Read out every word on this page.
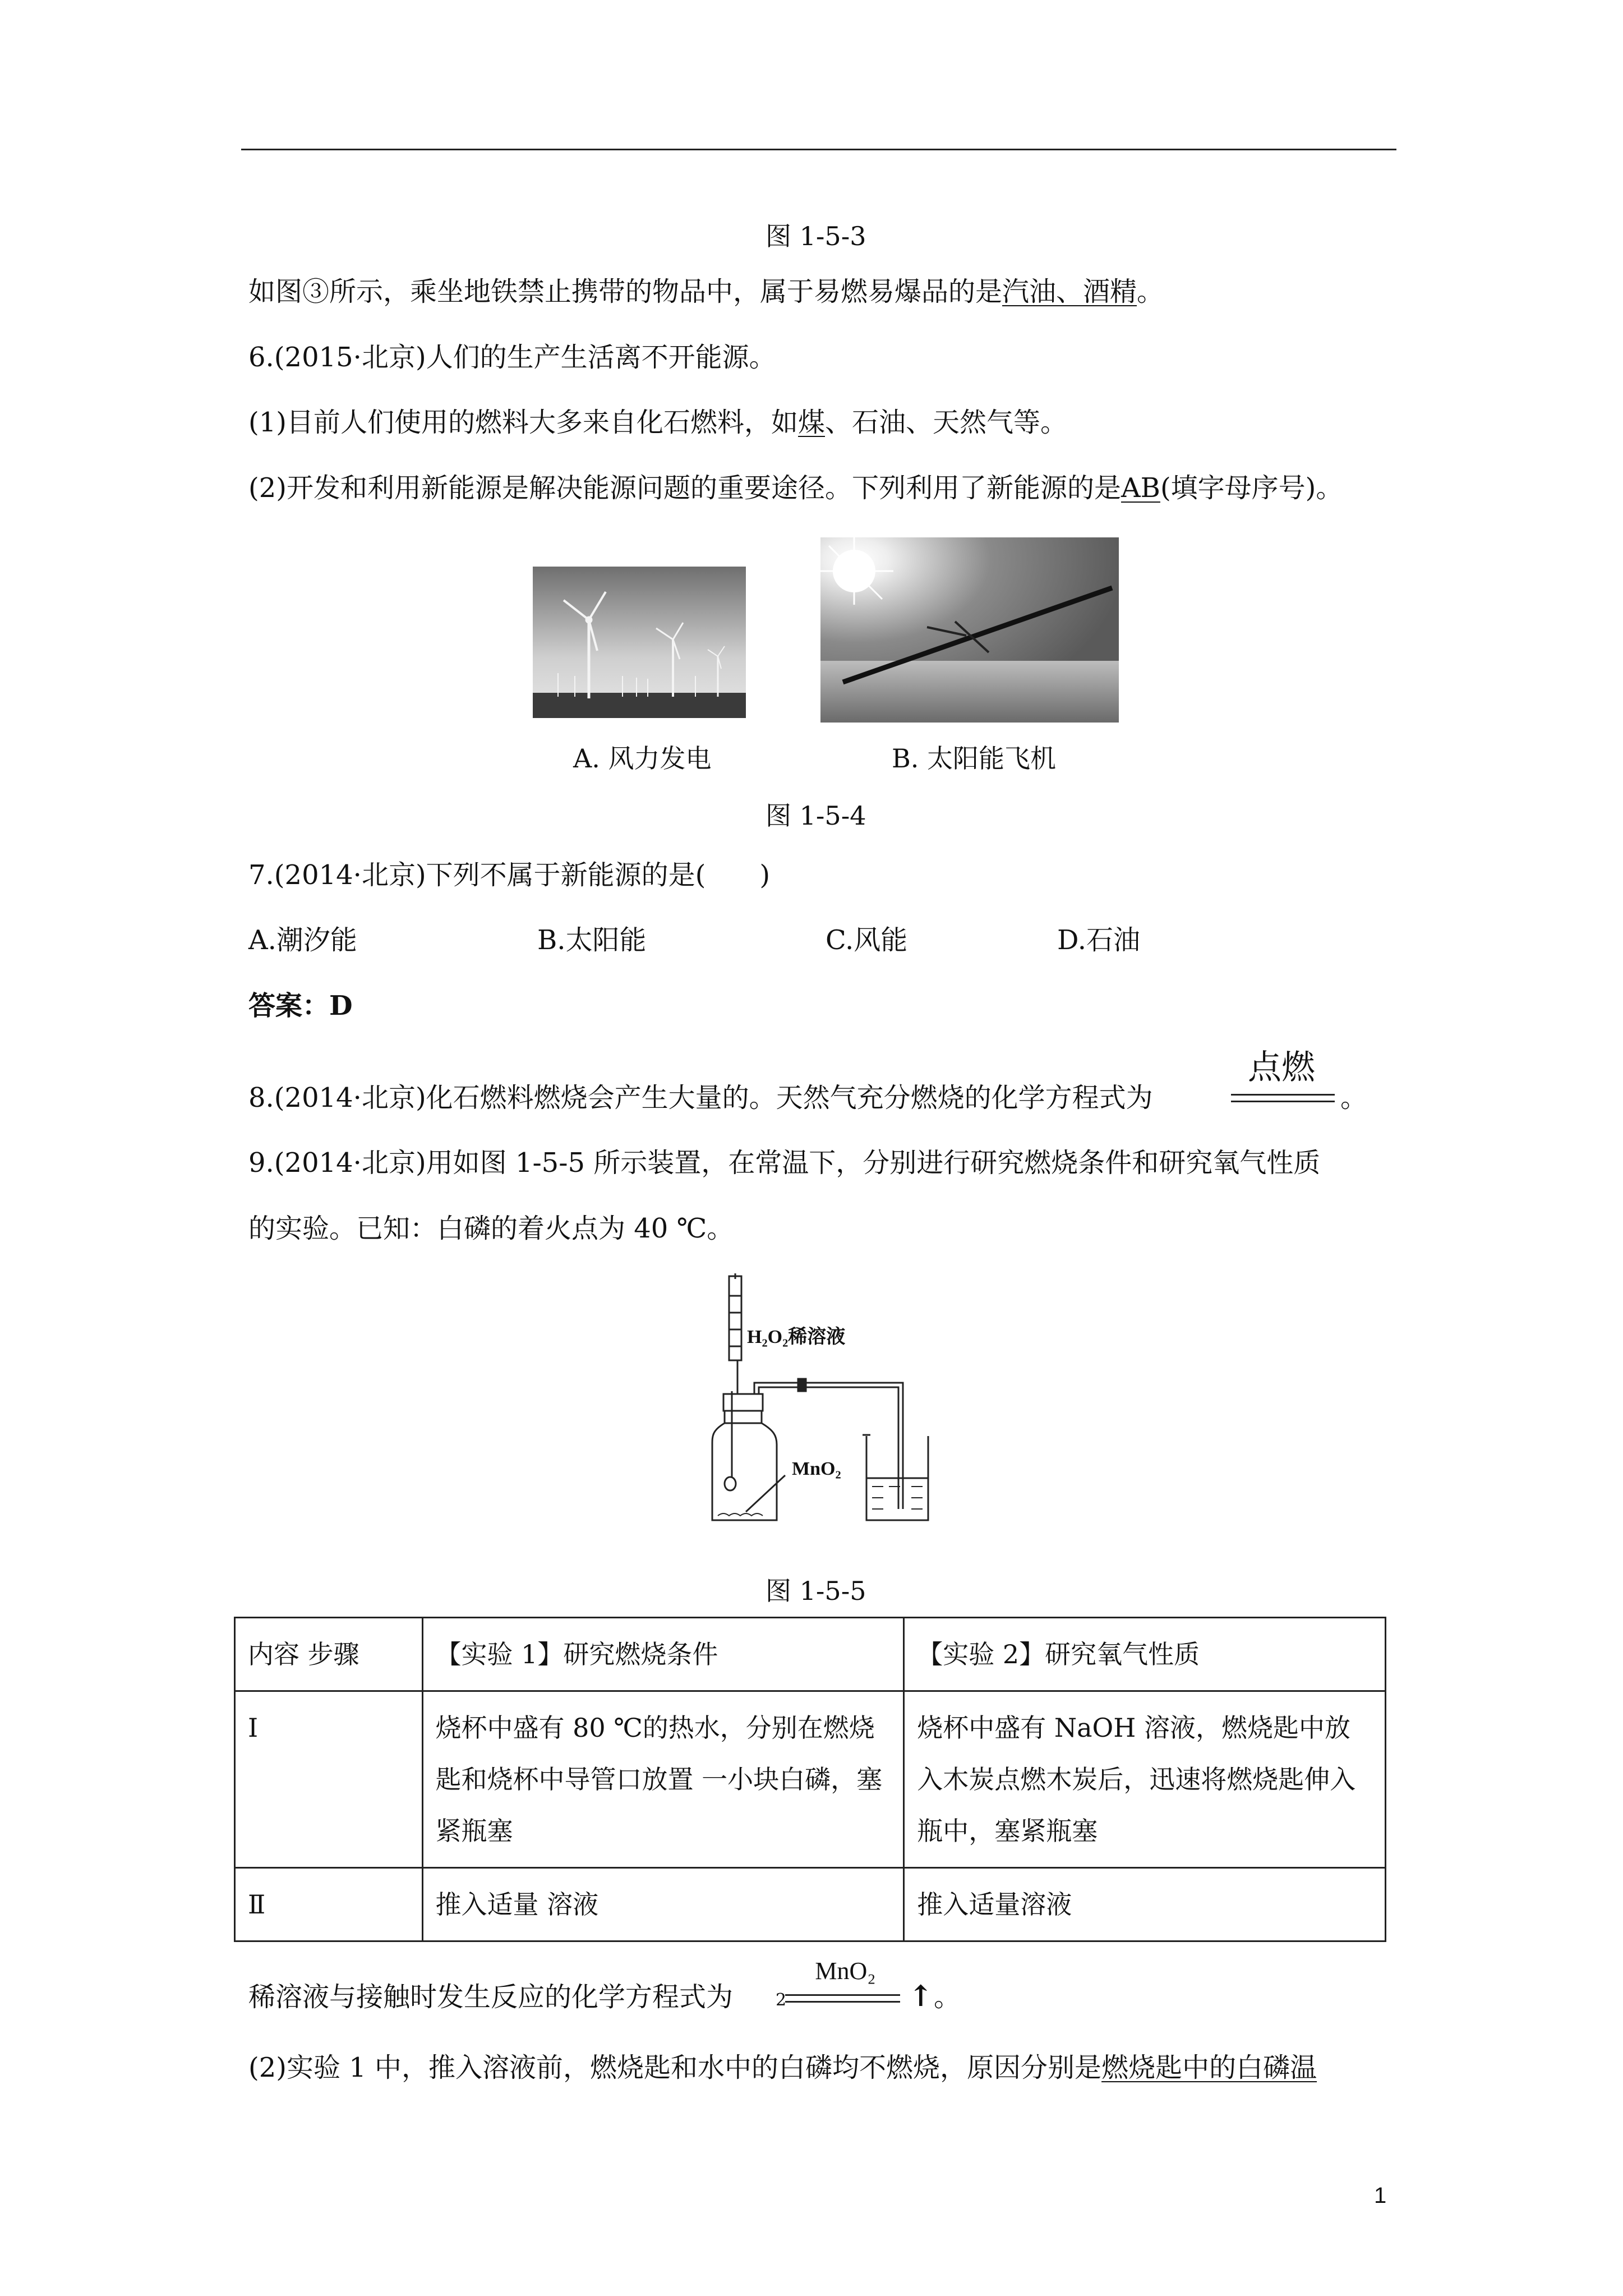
图 1-5-3
如图③所示，乘坐地铁禁止携带的物品中，属于易燃易爆品的是汽油、酒精。
6.(2015·北京)人们的生产生活离不开能源。
(1)目前人们使用的燃料大多来自化石燃料，如煤、石油、天然气等。
(2)开发和利用新能源是解决能源问题的重要途径。下列利用了新能源的是AB(填字母序号)。
A. 风力发电	B. 太阳能飞机
图 1-5-4
7.(2014·北京)下列不属于新能源的是(　　)
A.潮汐能	B.太阳能	C.风能	D.石油
答案：D
8.(2014·北京)化石燃料燃烧会产生大量的。天然气充分燃烧的化学方程式为
点燃
。
9.(2014·北京)用如图 1-5-5 所示装置，在常温下，分别进行研究燃烧条件和研究氧气性质
的实验。已知：白磷的着火点为 40 ℃。
H₂O₂稀溶液
MnO₂
图 1-5-5
内容 步骤	【实验 1】研究燃烧条件	【实验 2】研究氧气性质
Ⅰ	烧杯中盛有 80 ℃的热水，分别在燃烧匙和烧杯中导管口放置 一小块白磷，塞紧瓶塞	烧杯中盛有 NaOH 溶液，燃烧匙中放入木炭点燃木炭后，迅速将燃烧匙伸入瓶中，塞紧瓶塞
Ⅱ	推入适量 溶液	推入适量溶液
稀溶液与接触时发生反应的化学方程式为	2
MnO₂
↑ 。
(2)实验 1 中，推入溶液前，燃烧匙和水中的白磷均不燃烧，原因分别是燃烧匙中的白磷温
1
